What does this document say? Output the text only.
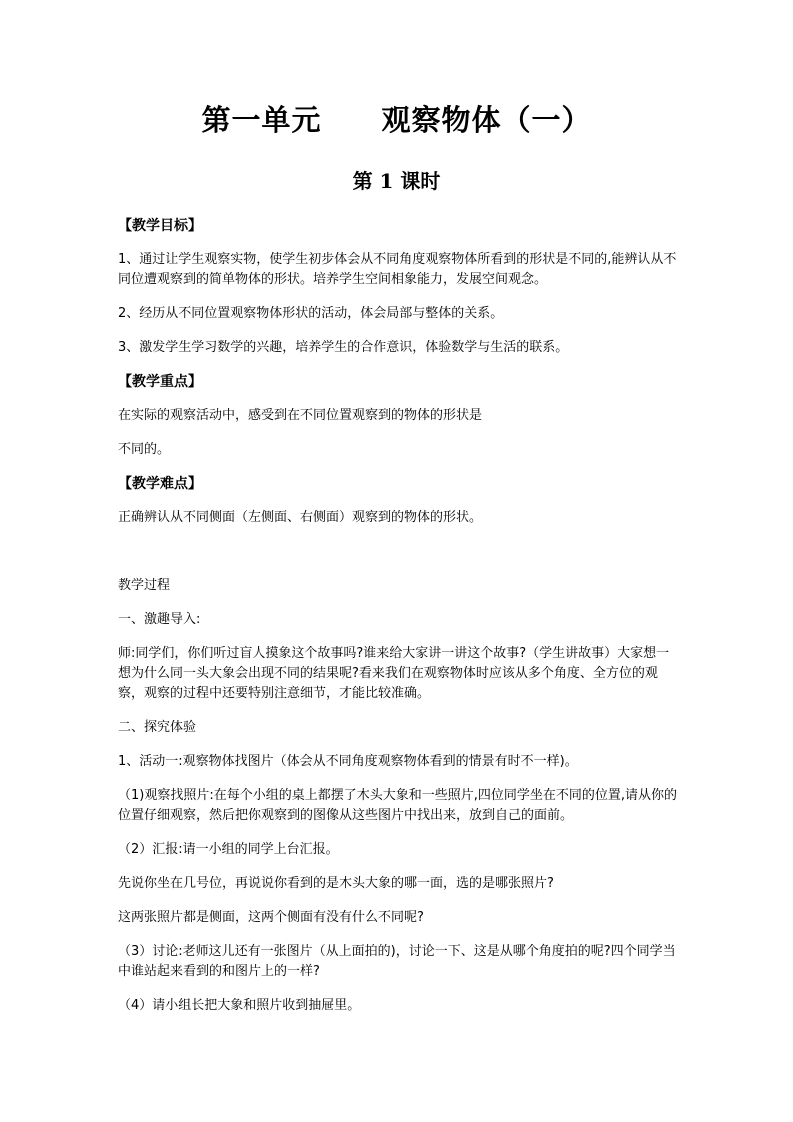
第一单元　　观察物体（一）
第 1 课时
【教学目标】

1、通过让学生观察实物，使学生初步体会从不同角度观察物体所看到的形状是不同的,能辨认从不同位遭观察到的简单物体的形状。培养学生空间相象能力，发展空间观念。

2、经历从不同位置观察物体形状的活动，体会局部与整体的关系。

3、激发学生学习数学的兴趣，培养学生的合作意识，体验数学与生活的联系。

【教学重点】

在实际的观察活动中，感受到在不同位置观察到的物体的形状是

不同的。

【教学难点】

正确辨认从不同侧面（左侧面、右侧面）观察到的物体的形状。

教学过程

一、激趣导入:

师:同学们，你们听过盲人摸象这个故事吗?谁来给大家讲一讲这个故事?（学生讲故事）大家想一想为什么同一头大象会出现不同的结果呢?看来我们在观察物体时应该从多个角度、全方位的观察，观察的过程中还要特别注意细节，才能比较准确。

二、探究体验

1、活动一:观察物体找图片（体会从不同角度观察物体看到的情景有时不一样)。

（1)观察找照片:在每个小组的桌上都摆了木头大象和一些照片,四位同学坐在不同的位置,请从你的位置仔细观察，然后把你观察到的图像从这些图片中找出来，放到自己的面前。

（2）汇报:请一小组的同学上台汇报。

先说你坐在几号位，再说说你看到的是木头大象的哪一面，选的是哪张照片?

这两张照片都是侧面，这两个侧面有没有什么不同呢?

（3）讨论:老师这儿还有一张图片（从上面拍的)，讨论一下、这是从哪个角度拍的呢?四个同学当中谁站起来看到的和图片上的一样?

（4）请小组长把大象和照片收到抽屉里。
